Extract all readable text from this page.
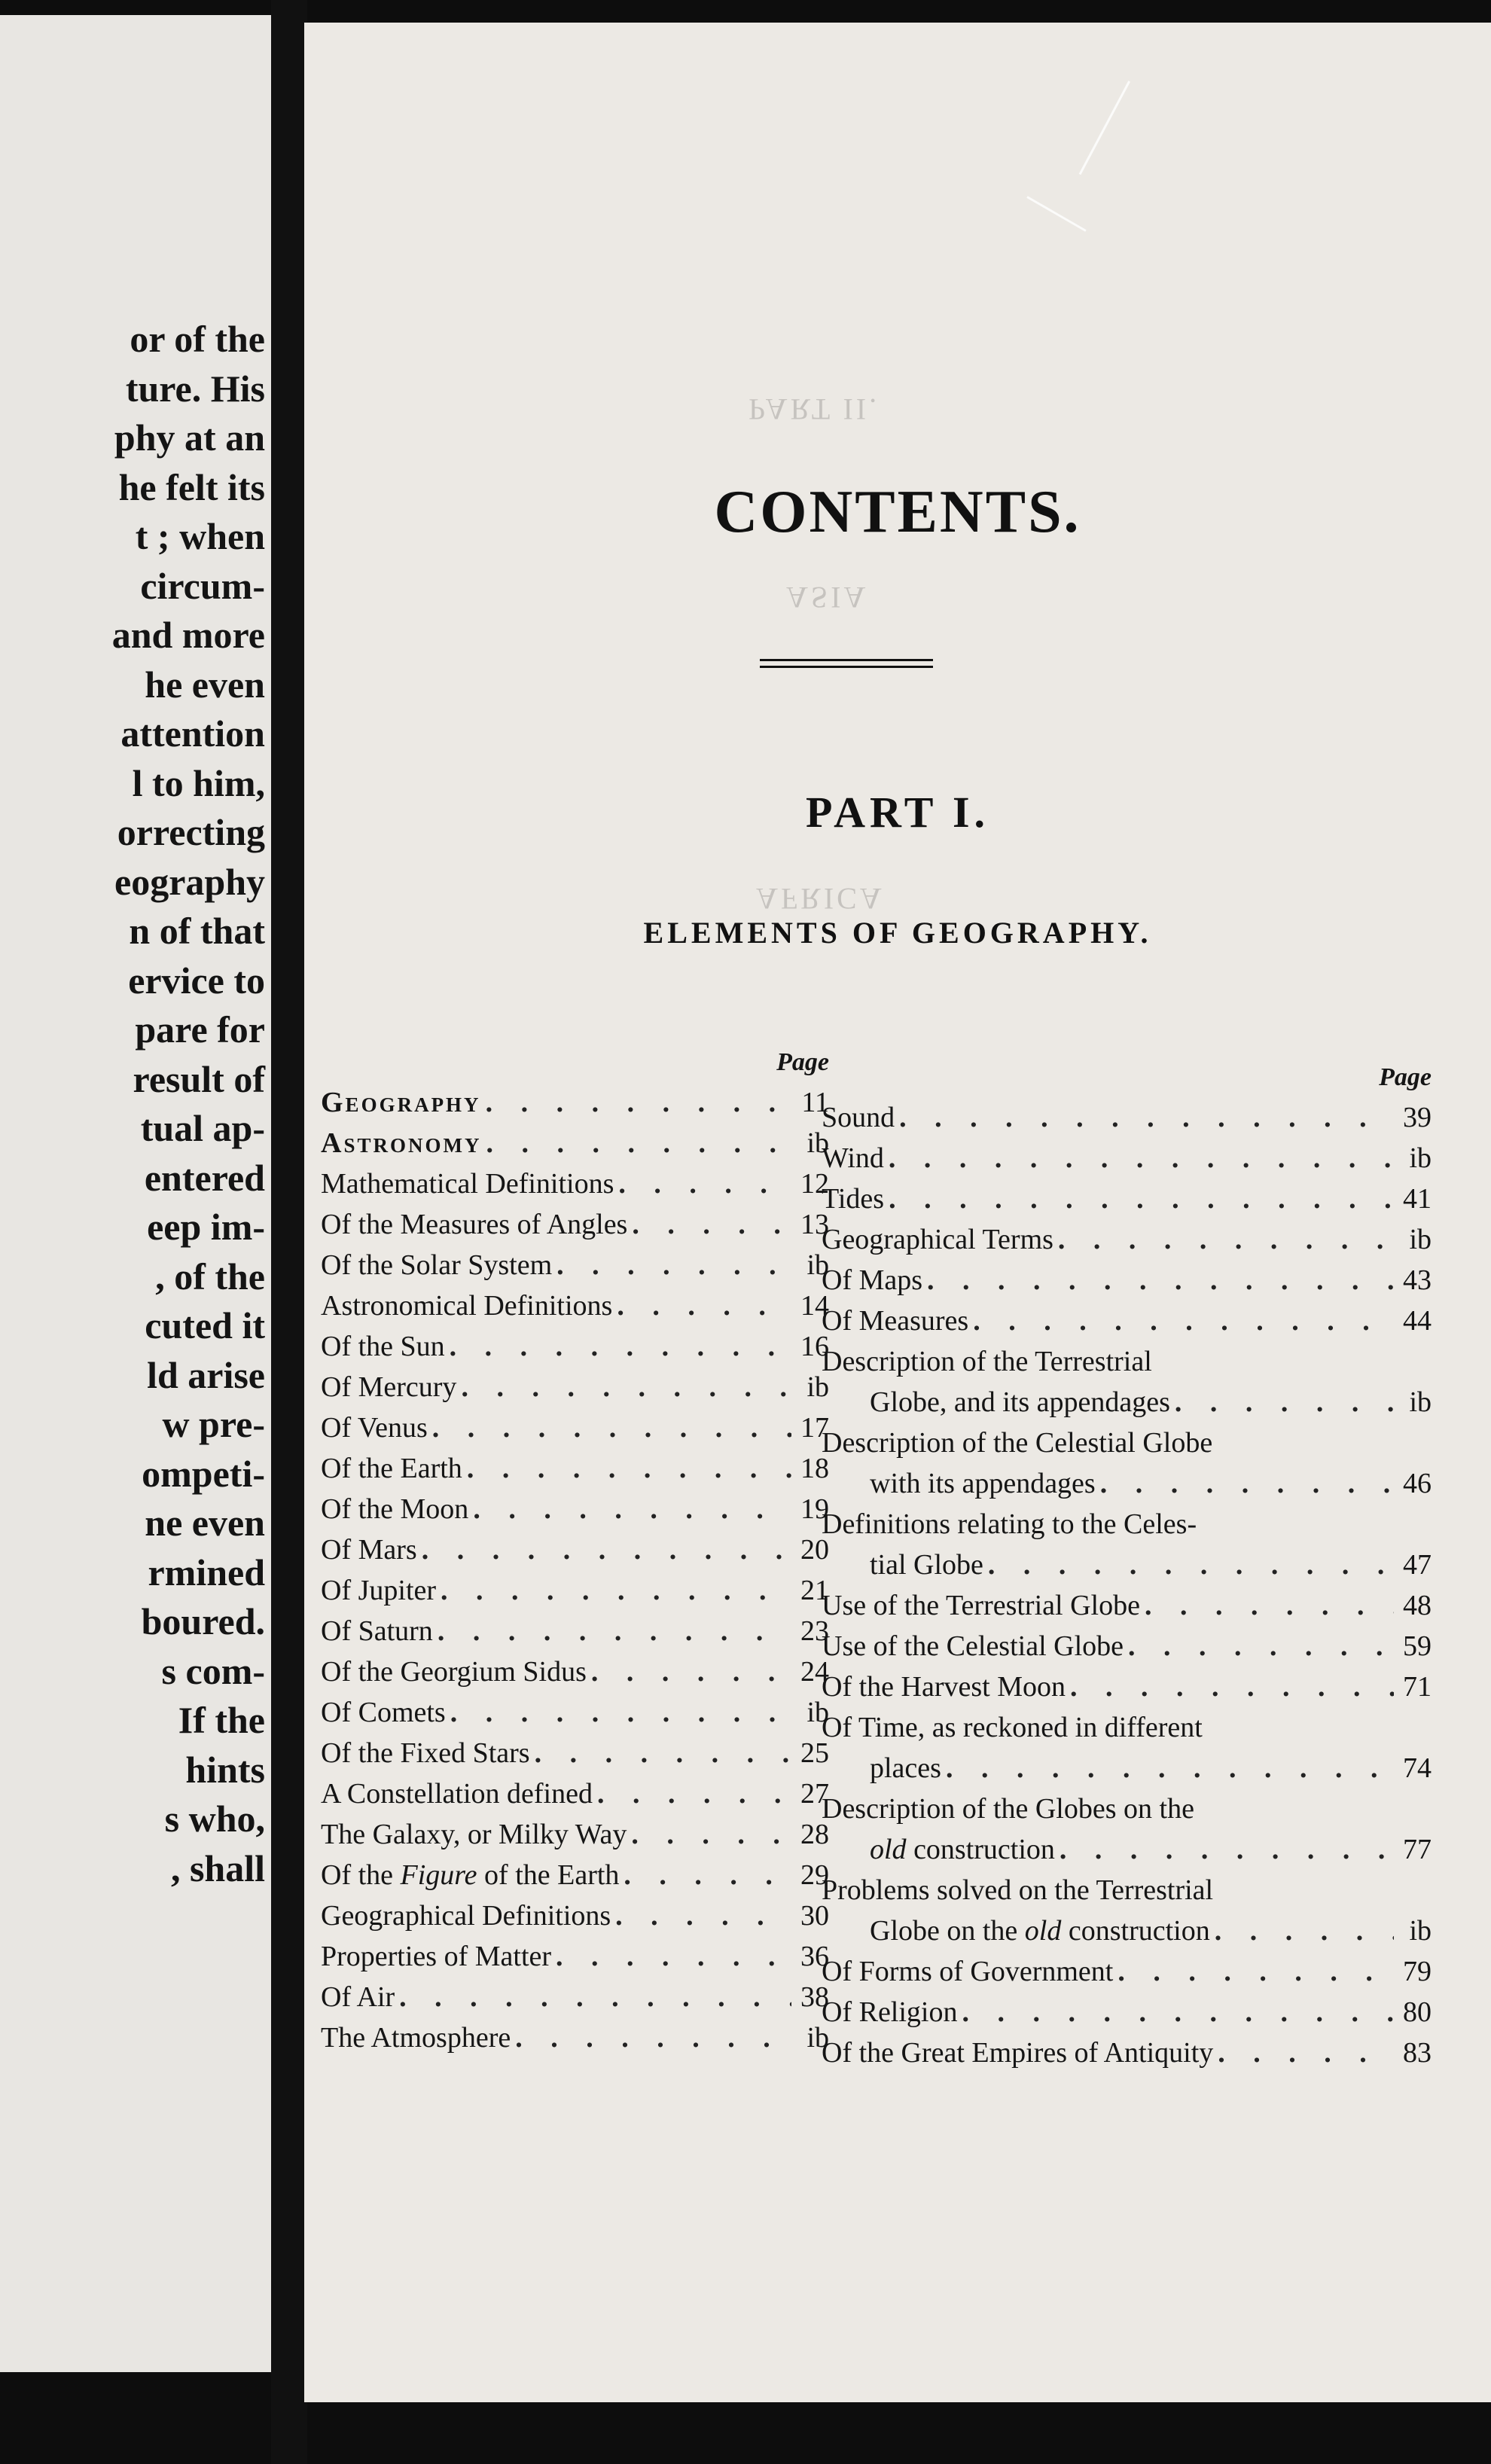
or of the
ture. His
phy at an
he felt its
t ; when
circum-
and more
he even
attention
l to him,
orrecting
eography
n of that
ervice to
pare for
result of
tual ap-
entered
eep im-
, of the
cuted it
ld arise
w pre-
ompeti-
ne even
rmined
boured.
s com-
If the
hints
s who,
, shall
PART II.
ASIA
AFRICA
CONTENTS.
PART I.
ELEMENTS OF GEOGRAPHY.
Page
Geography . . .	11
Astronomy . . .	ib
Mathematical Definitions . . .	12
Of the Measures of Angles . . .	13
Of the Solar System . . .	ib
Astronomical Definitions . . .	14
Of the Sun . . .	16
Of Mercury . . .	ib
Of Venus . . .	17
Of the Earth . . .	18
Of the Moon . . .	19
Of Mars . . .	20
Of Jupiter . . .	21
Of Saturn . . .	23
Of the Georgium Sidus . . .	24
Of Comets . . .	ib
Of the Fixed Stars . . .	25
A Constellation defined . . .	27
The Galaxy, or Milky Way . . .	28
Of the Figure of the Earth . . .	29
Geographical Definitions . . .	30
Properties of Matter . . .	36
Of Air . . .	38
The Atmosphere . . .	ib
Page
Sound . . .	39
Wind . . .	ib
Tides . . .	41
Geographical Terms . . .	ib
Of Maps . . .	43
Of Measures . . .	44
Description of the Terrestrial
Globe, and its appendages . . .	ib
Description of the Celestial Globe
with its appendages . . .	46
Definitions relating to the Celes-
tial Globe . . .	47
Use of the Terrestrial Globe . . .	48
Use of the Celestial Globe . . .	59
Of the Harvest Moon . . .	71
Of Time, as reckoned in different
places . . .	74
Description of the Globes on the
old construction . . .	77
Problems solved on the Terrestrial
Globe on the old construction . . .	ib
Of Forms of Government . . .	79
Of Religion . . .	80
Of the Great Empires of Antiquity . . .	83
